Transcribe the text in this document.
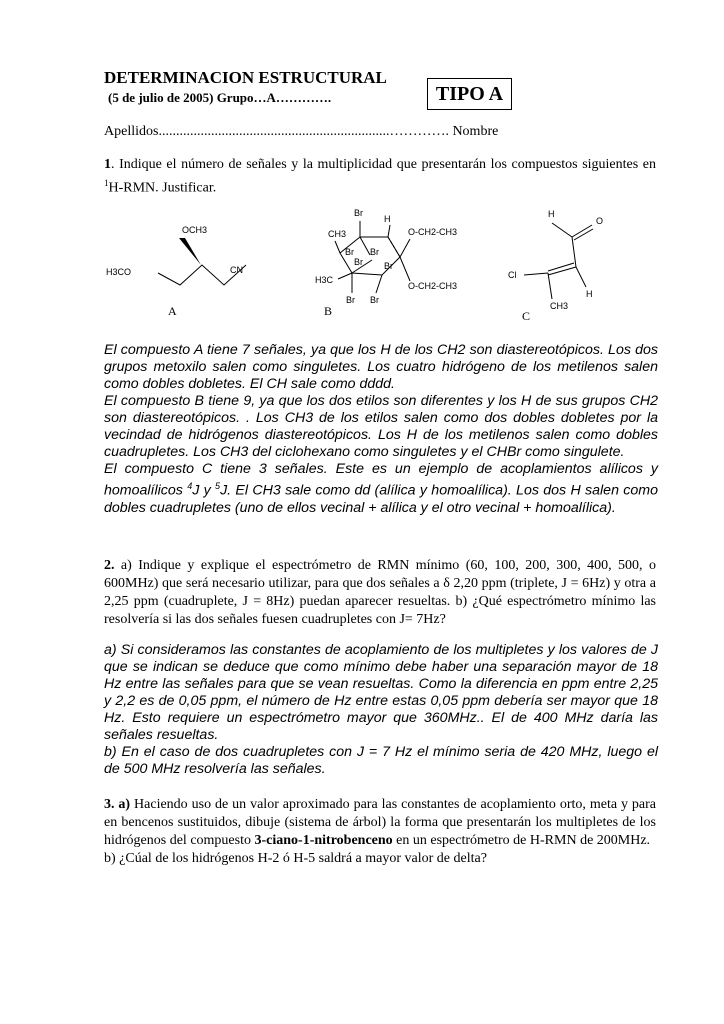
DETERMINACION ESTRUCTURAL
(5 de julio de 2005) Grupo…A………….	TIPO A
Apellidos..................................................................…………. Nombre
1. Indique el número de señales y la multiplicidad que presentarán los compuestos siguientes en $^1$H-RMN. Justificar.
OCH3
H3CO	CN
A
Br
H
CH3	O-CH2-CH3
Br Br
Br Br
H3C
O-CH2-CH3
Br Br
B
H
O
Cl
CH3
H
C

El compuesto A tiene 7 señales, ya que los H de los CH2 son diastereotópicos. Los dos grupos metoxilo salen como singuletes. Los cuatro hidrógeno de los metilenos salen como dobles dobletes. El CH sale como dddd.

El compuesto B tiene 9, ya que los dos etilos son diferentes y los H de sus grupos CH2 son diastereotópicos. . Los CH3 de los etilos salen como dos dobles dobletes por la vecindad de hidrógenos diastereotópicos. Los H de los metilenos salen como dobles cuadrupletes. Los CH3 del ciclohexano como singuletes y el CHBr como singulete.

El compuesto C tiene 3 señales. Este es un ejemplo de acoplamientos alílicos y homoalílicos $^4$J y $^5$J. El CH3 sale como dd (alílica y homoalílica). Los dos H salen como dobles cuadrupletes (uno de ellos vecinal + alílica y el otro vecinal + homoalílica).

2. a) Indique y explique el espectrómetro de RMN mínimo (60, 100, 200, 300, 400, 500, o 600MHz) que será necesario utilizar, para que dos señales a δ 2,20 ppm (triplete, J = 6Hz) y otra a 2,25 ppm (cuadruplete, J = 8Hz) puedan aparecer resueltas. b) ¿Qué espectrómetro mínimo las resolvería si las dos señales fuesen cuadrupletes con J= 7Hz?

a) Si consideramos las constantes de acoplamiento de los multipletes y los valores de J que se indican se deduce que como mínimo debe haber una separación mayor de 18 Hz entre las señales para que se vean resueltas. Como la diferencia en ppm entre 2,25 y 2,2 es de 0,05 ppm, el número de Hz entre estas 0,05 ppm debería ser mayor que 18 Hz. Esto requiere un espectrómetro mayor que 360MHz.. El de 400 MHz daría las señales resueltas.

b) En el caso de dos cuadrupletes con J = 7 Hz el mínimo seria de 420 MHz, luego el de 500 MHz resolvería las señales.

3. a) Haciendo uso de un valor aproximado para las constantes de acoplamiento orto, meta y para en bencenos sustituidos, dibuje (sistema de árbol) la forma que presentarán los multipletes de los hidrógenos del compuesto 3-ciano-1-nitrobenceno en un espectrómetro de H-RMN de 200MHz.
b) ¿Cúal de los hidrógenos H-2 ó H-5 saldrá a mayor valor de delta?
